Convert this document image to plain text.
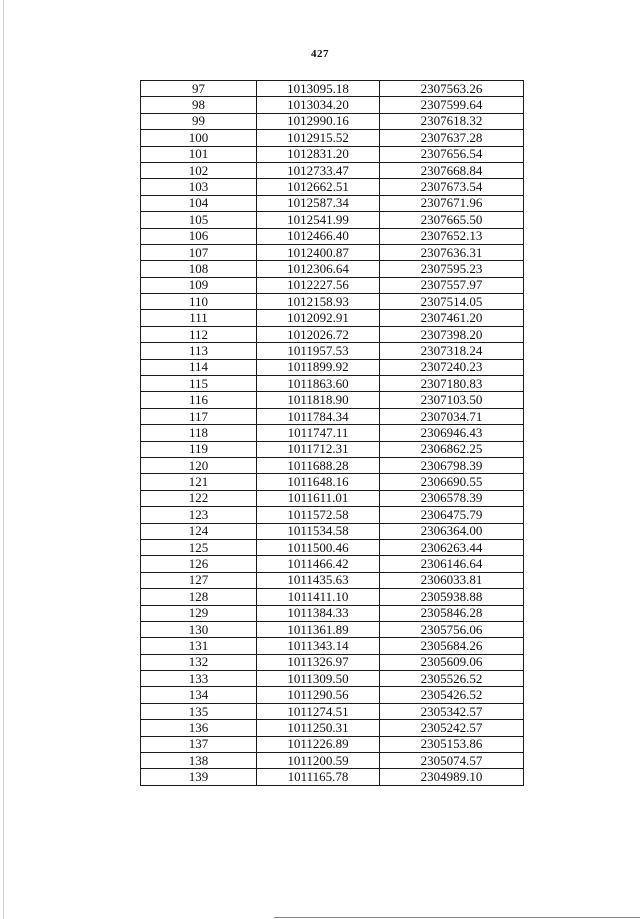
427
97	1013095.18	2307563.26
98	1013034.20	2307599.64
99	1012990.16	2307618.32
100	1012915.52	2307637.28
101	1012831.20	2307656.54
102	1012733.47	2307668.84
103	1012662.51	2307673.54
104	1012587.34	2307671.96
105	1012541.99	2307665.50
106	1012466.40	2307652.13
107	1012400.87	2307636.31
108	1012306.64	2307595.23
109	1012227.56	2307557.97
110	1012158.93	2307514.05
111	1012092.91	2307461.20
112	1012026.72	2307398.20
113	1011957.53	2307318.24
114	1011899.92	2307240.23
115	1011863.60	2307180.83
116	1011818.90	2307103.50
117	1011784.34	2307034.71
118	1011747.11	2306946.43
119	1011712.31	2306862.25
120	1011688.28	2306798.39
121	1011648.16	2306690.55
122	1011611.01	2306578.39
123	1011572.58	2306475.79
124	1011534.58	2306364.00
125	1011500.46	2306263.44
126	1011466.42	2306146.64
127	1011435.63	2306033.81
128	1011411.10	2305938.88
129	1011384.33	2305846.28
130	1011361.89	2305756.06
131	1011343.14	2305684.26
132	1011326.97	2305609.06
133	1011309.50	2305526.52
134	1011290.56	2305426.52
135	1011274.51	2305342.57
136	1011250.31	2305242.57
137	1011226.89	2305153.86
138	1011200.59	2305074.57
139	1011165.78	2304989.10
